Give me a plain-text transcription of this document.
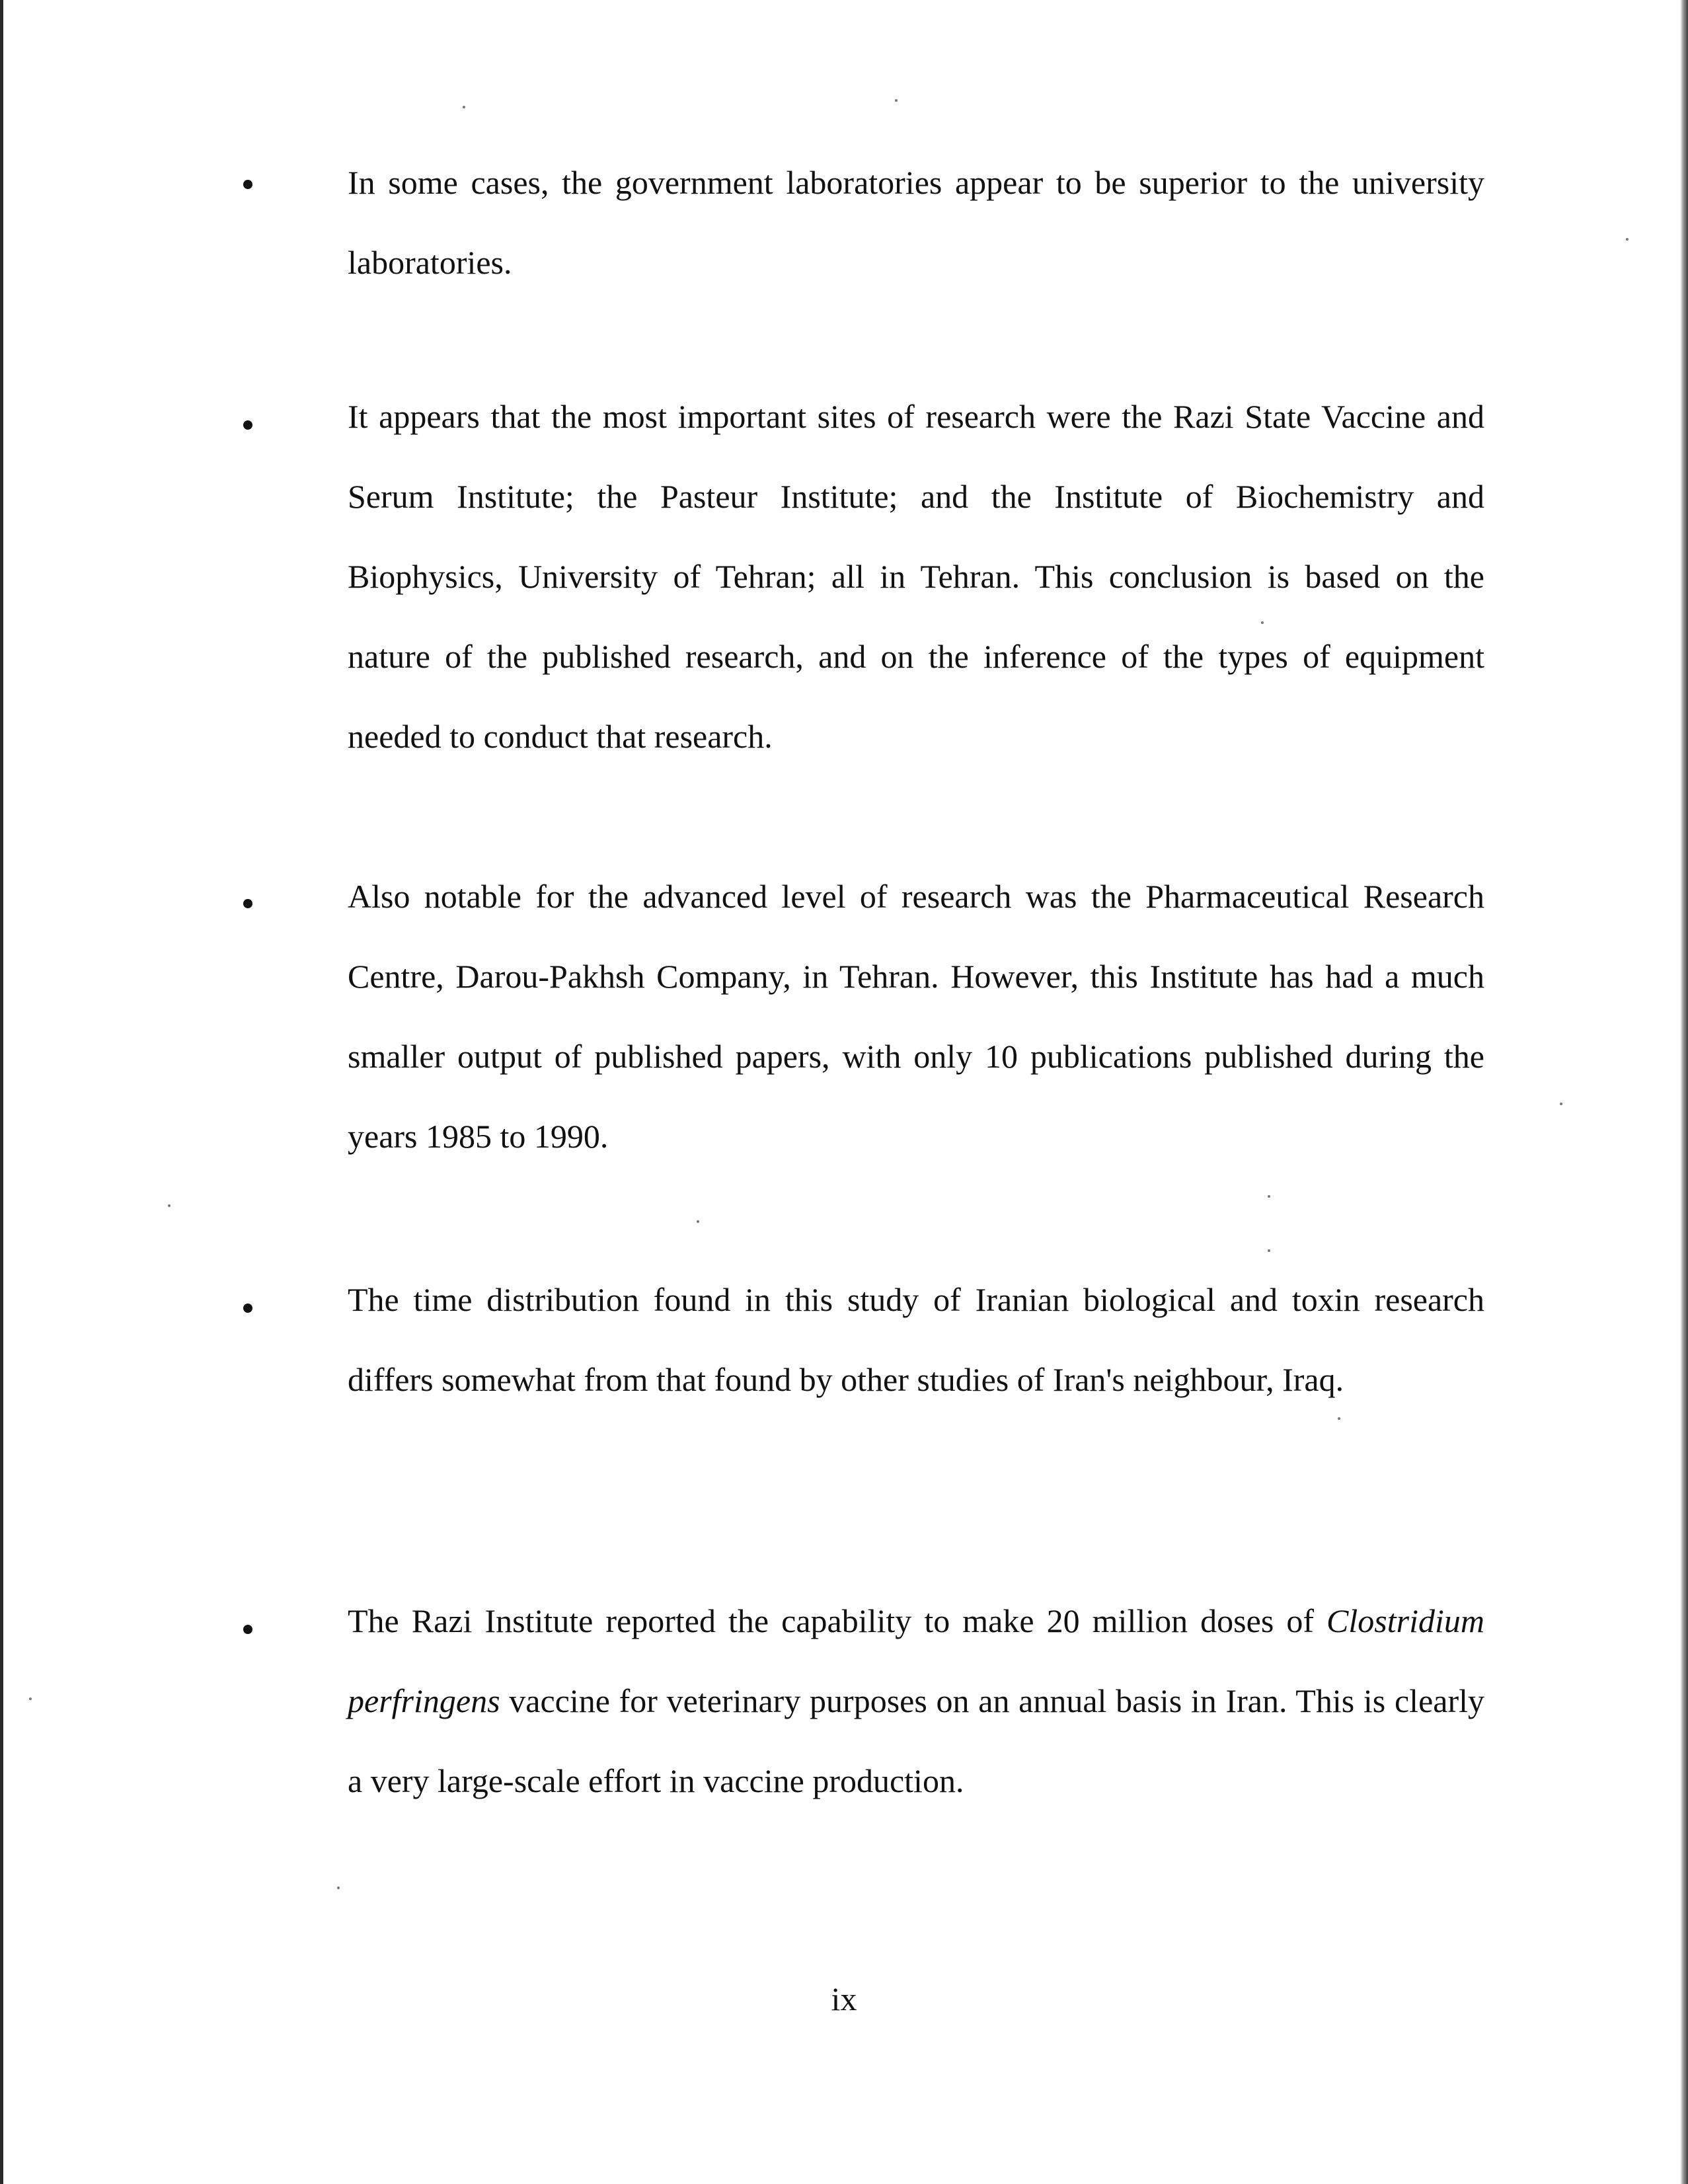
In some cases, the government laboratories appear to be superior to the university laboratories.

It appears that the most important sites of research were the Razi State Vaccine and Serum Institute; the Pasteur Institute; and the Institute of Biochemistry and Biophysics, University of Tehran; all in Tehran. This conclusion is based on the nature of the published research, and on the inference of the types of equipment needed to conduct that research.

Also notable for the advanced level of research was the Pharmaceutical Research Centre, Darou-Pakhsh Company, in Tehran. However, this Institute has had a much smaller output of published papers, with only 10 publications published during the years 1985 to 1990.

The time distribution found in this study of Iranian biological and toxin research differs somewhat from that found by other studies of Iran's neighbour, Iraq.

The Razi Institute reported the capability to make 20 million doses of Clostridium perfringens vaccine for veterinary purposes on an annual basis in Iran. This is clearly a very large-scale effort in vaccine production.

ix
